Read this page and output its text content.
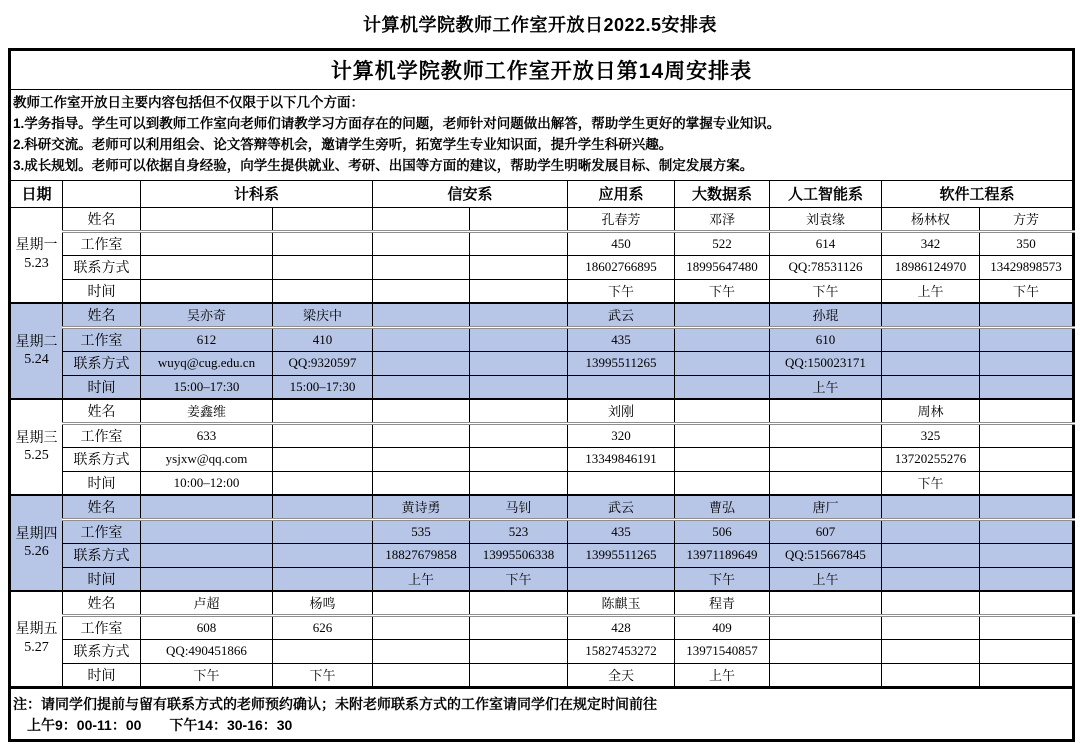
计算机学院教师工作室开放日2022.5安排表
计算机学院教师工作室开放日第14周安排表										

教师工作室开放日主要内容包括但不仅限于以下几个方面：
1.学务指导。学生可以到教师工作室向老师们请教学习方面存在的问题，老师针对问题做出解答，帮助学生更好的掌握专业知识。
2.科研交流。老师可以利用组会、论文答辩等机会，邀请学生旁听，拓宽学生专业知识面，提升学生科研兴趣。
3.成长规划。老师可以依据自身经验，向学生提供就业、考研、出国等方面的建议，帮助学生明晰发展目标、制定发展方案。										

日期		计科系		信安系		应用系	大数据系	人工智能系	软件工程系	

星期一
5.23	姓名					孔春芳	邓泽	刘袁缘	杨林权	方芳
	工作室					450	522	614	342	350
	联系方式					18602766895	18995647480	QQ:78531126	18986124970	13429898573
	时间					下午	下午	下午	上午	下午

星期二
5.24	姓名	吴亦奇	梁庆中			武云		孙琨		
	工作室	612	410			435		610		
	联系方式	wuyq@cug.edu.cn	QQ:9320597			13995511265		QQ:150023171		
	时间	15:00–17:30	15:00–17:30					上午		

星期三
5.25	姓名	姜鑫维				刘刚			周林	
	工作室	633				320			325	
	联系方式	ysjxw@qq.com				13349846191			13720255276	
	时间	10:00–12:00							下午	

星期四
5.26	姓名			黄诗勇	马钊	武云	曹弘	唐厂		
	工作室			535	523	435	506	607		
	联系方式			18827679858	13995506338	13995511265	13971189649	QQ:515667845		
	时间			上午	下午		下午	上午		

星期五
5.27	姓名	卢超	杨鸣			陈麒玉	程青			
	工作室	608	626			428	409			
	联系方式	QQ:490451866				15827453272	13971540857			
	时间	下午	下午			全天	上午			

注：请同学们提前与留有联系方式的老师预约确认；未附老师联系方式的工作室请同学们在规定时间前往
上午9：00-11：00　　下午14：30-16：30										
